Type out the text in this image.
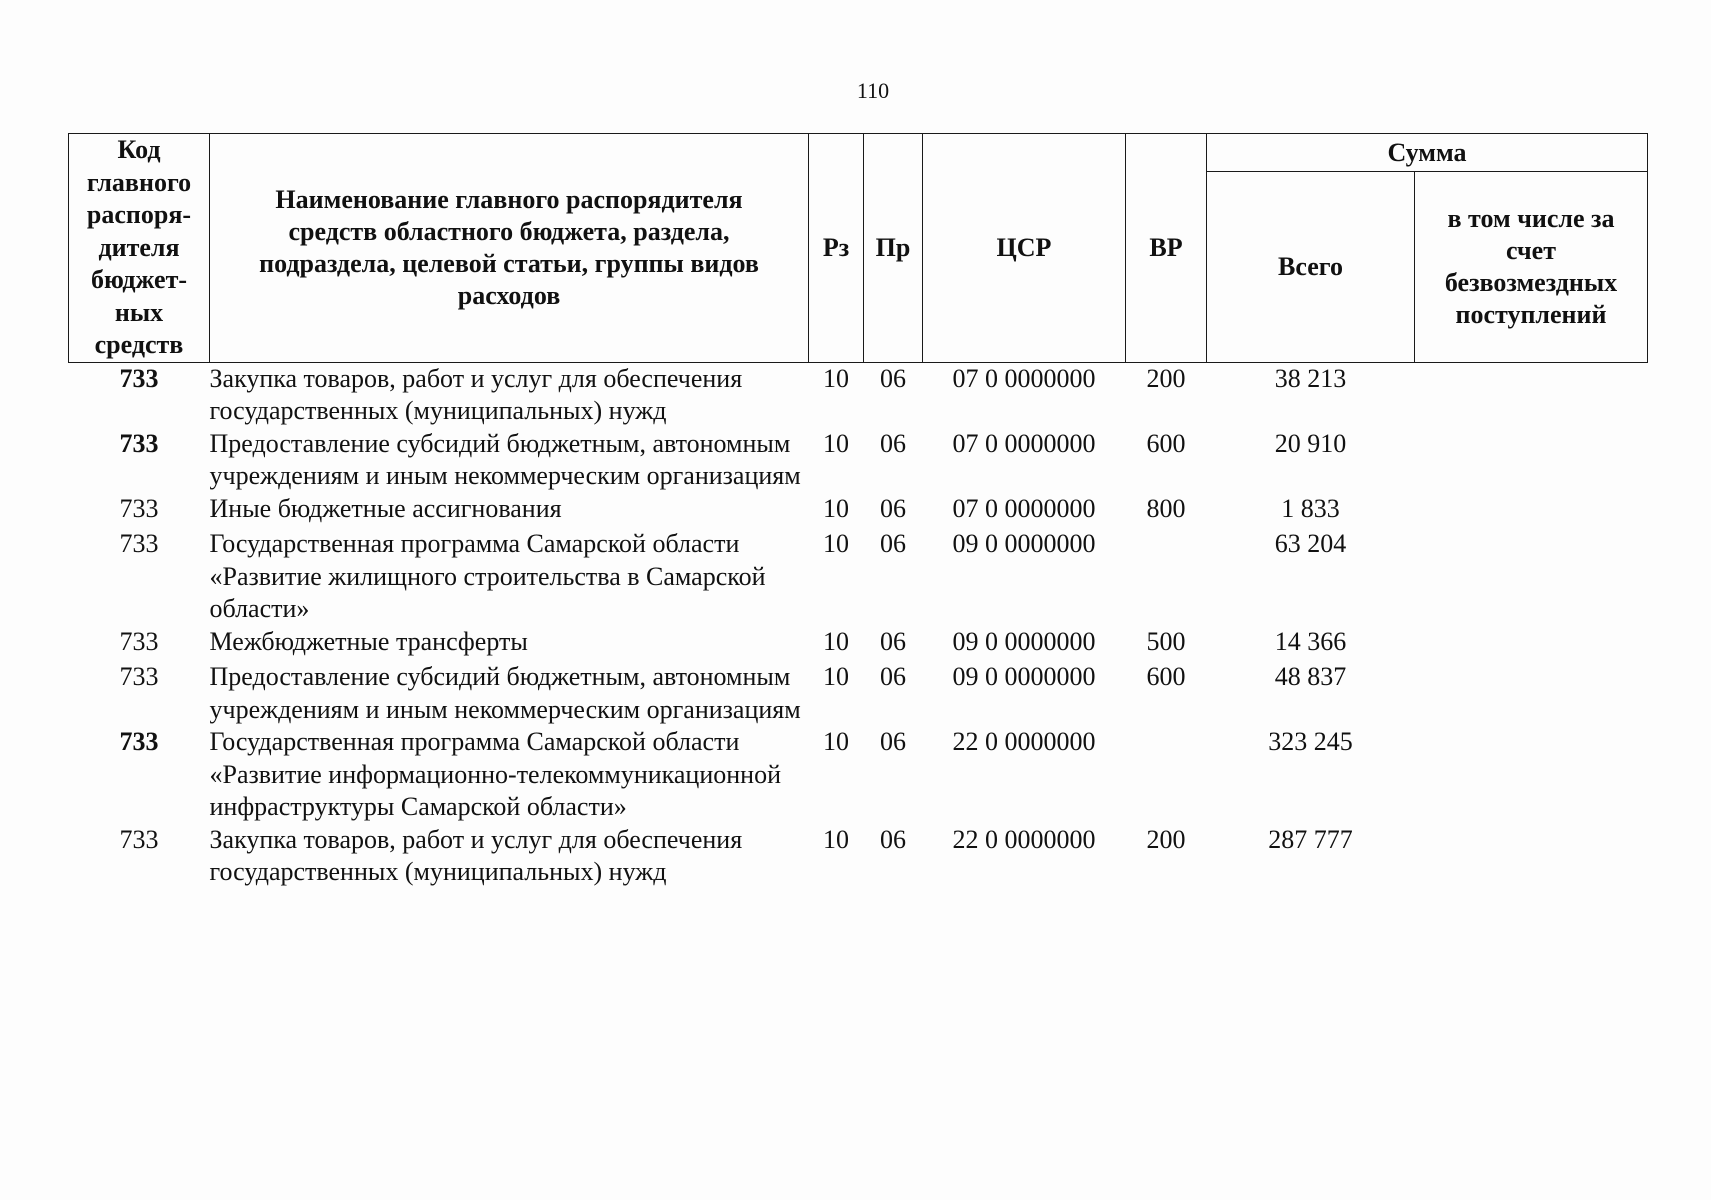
110
Код главного распоря-дителя бюджет-ных средств	Наименование главного распорядителя средств областного бюджета, раздела, подраздела, целевой статьи, группы видов расходов	Рз	Пр	ЦСР	ВР	Сумма	
						Всего	в том числе за счет безвозмездных поступлений
733	Закупка товаров, работ и услуг для обеспечения государственных (муниципальных) нужд	10	06	07 0 0000000	200	38 213	
733	Предоставление субсидий бюджетным, автономным учреждениям и иным некоммерческим организациям	10	06	07 0 0000000	600	20 910	
733	Иные бюджетные ассигнования	10	06	07 0 0000000	800	1 833	
733	Государственная программа Самарской области «Развитие жилищного строительства в Самарской области»	10	06	09 0 0000000		63 204	
733	Межбюджетные трансферты	10	06	09 0 0000000	500	14 366	
733	Предоставление субсидий бюджетным, автономным учреждениям и иным некоммерческим организациям	10	06	09 0 0000000	600	48 837	
733	Государственная программа Самарской области «Развитие информационно-телекоммуникационной инфраструктуры Самарской области»	10	06	22 0 0000000		323 245	
733	Закупка товаров, работ и услуг для обеспечения государственных (муниципальных) нужд	10	06	22 0 0000000	200	287 777	
